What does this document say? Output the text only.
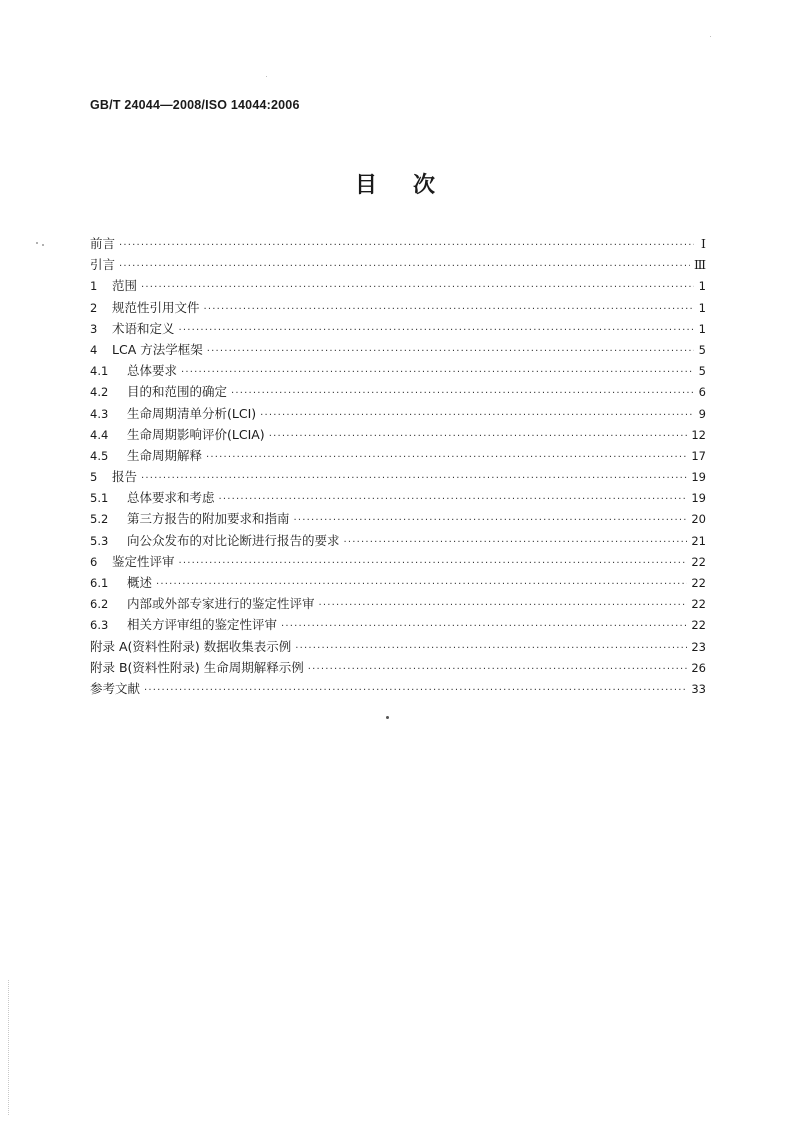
GB/T 24044—2008/ISO 14044:2006
目 次
前言 ·····	Ⅰ
引言 ·····	Ⅲ
1	范围 ·····	1
2	规范性引用文件 ·····	1
3	术语和定义 ·····	1
4	LCA 方法学框架 ·····	5
4.1	总体要求 ·····	5
4.2	目的和范围的确定 ·····	6
4.3	生命周期清单分析(LCI) ·····	9
4.4	生命周期影响评价(LCIA) ·····	12
4.5	生命周期解释 ·····	17
5	报告 ·····	19
5.1	总体要求和考虑 ·····	19
5.2	第三方报告的附加要求和指南 ·····	20
5.3	向公众发布的对比论断进行报告的要求 ·····	21
6	鉴定性评审 ·····	22
6.1	概述 ·····	22
6.2	内部或外部专家进行的鉴定性评审 ·····	22
6.3	相关方评审组的鉴定性评审 ·····	22
附录 A(资料性附录) 数据收集表示例 ·····	23
附录 B(资料性附录) 生命周期解释示例 ·····	26
参考文献 ·····	33
